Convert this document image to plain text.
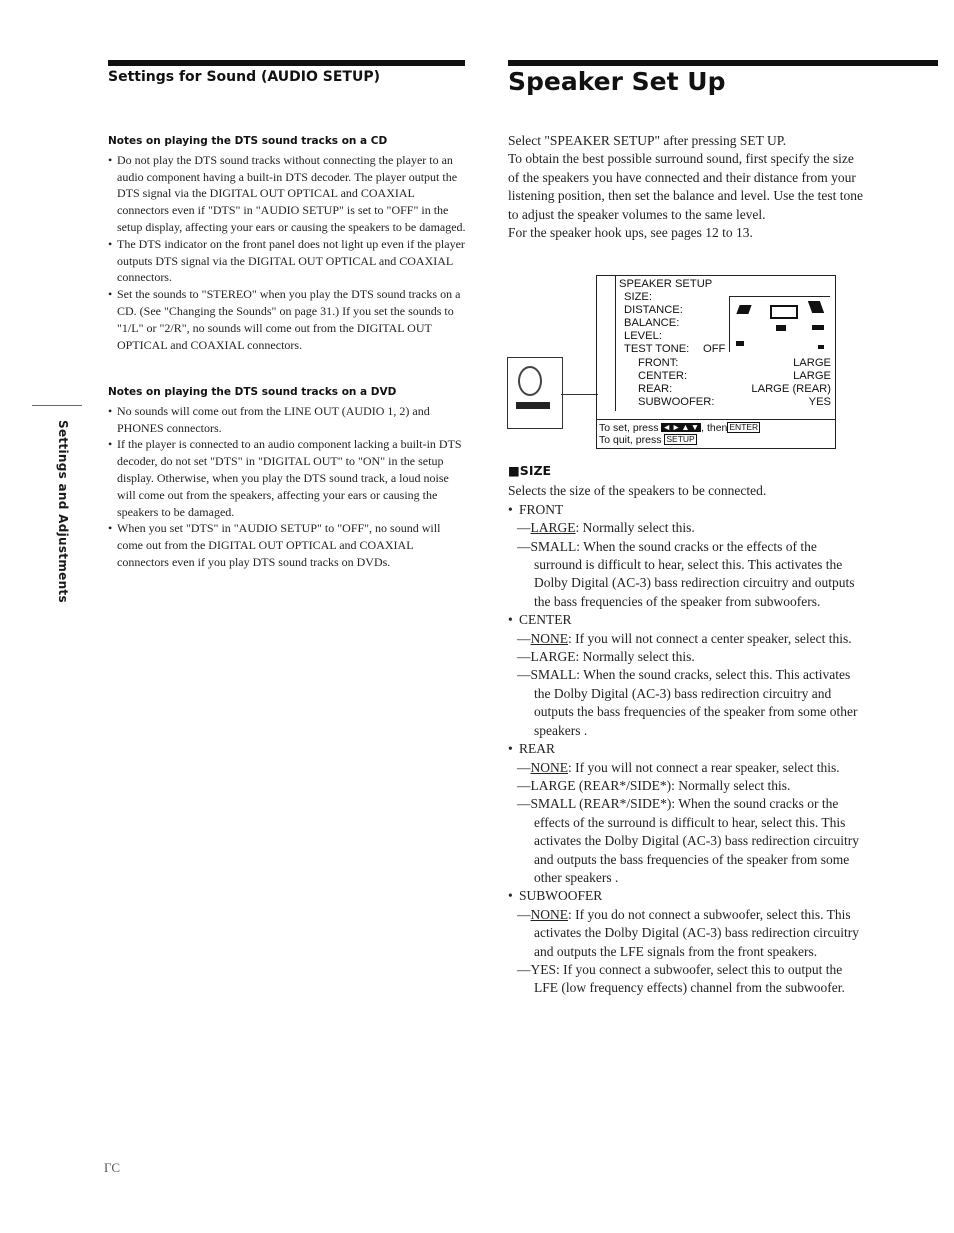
Settings for Sound (AUDIO SETUP)	Speaker Set Up
Settings and Adjustments
Notes on playing the DTS sound tracks on a CD
• Do not play the DTS sound tracks without connecting the player to an audio component having a built-in DTS decoder. The player output the DTS signal via the DIGITAL OUT OPTICAL and COAXIAL connectors even if "DTS" in "AUDIO SETUP" is set to "OFF" in the setup display, affecting your ears or causing the speakers to be damaged.
• The DTS indicator on the front panel does not light up even if the player outputs DTS signal via the DIGITAL OUT OPTICAL and COAXIAL connectors.
• Set the sounds to "STEREO" when you play the DTS sound tracks on a CD. (See "Changing the Sounds" on page 31.) If you set the sounds to "1/L" or "2/R", no sounds will come out from the DIGITAL OUT OPTICAL and COAXIAL connectors.
Notes on playing the DTS sound tracks on a DVD
• No sounds will come out from the LINE OUT (AUDIO 1, 2) and PHONES connectors.
• If the player is connected to an audio component lacking a built-in DTS decoder, do not set "DTS" in "DIGITAL OUT" to "ON" in the setup display. Otherwise, when you play the DTS sound track, a loud noise will come out from the speakers, affecting your ears or causing the speakers to be damaged.
• When you set "DTS" in "AUDIO SETUP" to "OFF", no sound will come out from the DIGITAL OUT OPTICAL and COAXIAL connectors even if you play DTS sound tracks on DVDs.

Select "SPEAKER SETUP" after pressing SET UP.

To obtain the best possible surround sound, first specify the size of the speakers you have connected and their distance from your listening position, then set the balance and level. Use the test tone to adjust the speaker volumes to the same level.

For the speaker hook ups, see pages 12 to 13.

SPEAKER SETUP
SIZE:
DISTANCE:
BALANCE:
LEVEL:
TEST TONE: OFF
FRONT:	LARGE
CENTER:	LARGE
REAR:	LARGE (REAR)
SUBWOOFER:	YES
To set, press ◄►▲▼, then ENTER
To quit, press SETUP
■SIZE

Selects the size of the speakers to be connected.

• FRONT

—LARGE: Normally select this.

—SMALL: When the sound cracks or the effects of the surround is difficult to hear, select this. This activates the Dolby Digital (AC-3) bass redirection circuitry and outputs the bass frequencies of the speaker from subwoofers.

• CENTER

—NONE: If you will not connect a center speaker, select this.

—LARGE: Normally select this.

—SMALL: When the sound cracks, select this. This activates the Dolby Digital (AC-3) bass redirection circuitry and outputs the bass frequencies of the speaker from some other speakers .

• REAR

—NONE: If you will not connect a rear speaker, select this.

—LARGE (REAR*/SIDE*): Normally select this.

—SMALL (REAR*/SIDE*): When the sound cracks or the effects of the surround is difficult to hear, select this. This activates the Dolby Digital (AC-3) bass redirection circuitry and outputs the bass frequencies of the speaker from some other speakers .

• SUBWOOFER

—NONE: If you do not connect a subwoofer, select this. This activates the Dolby Digital (AC-3) bass redirection circuitry and outputs the LFE signals from the front speakers.

—YES: If you connect a subwoofer, select this to output the LFE (low frequency effects) channel from the subwoofer.

ГС
